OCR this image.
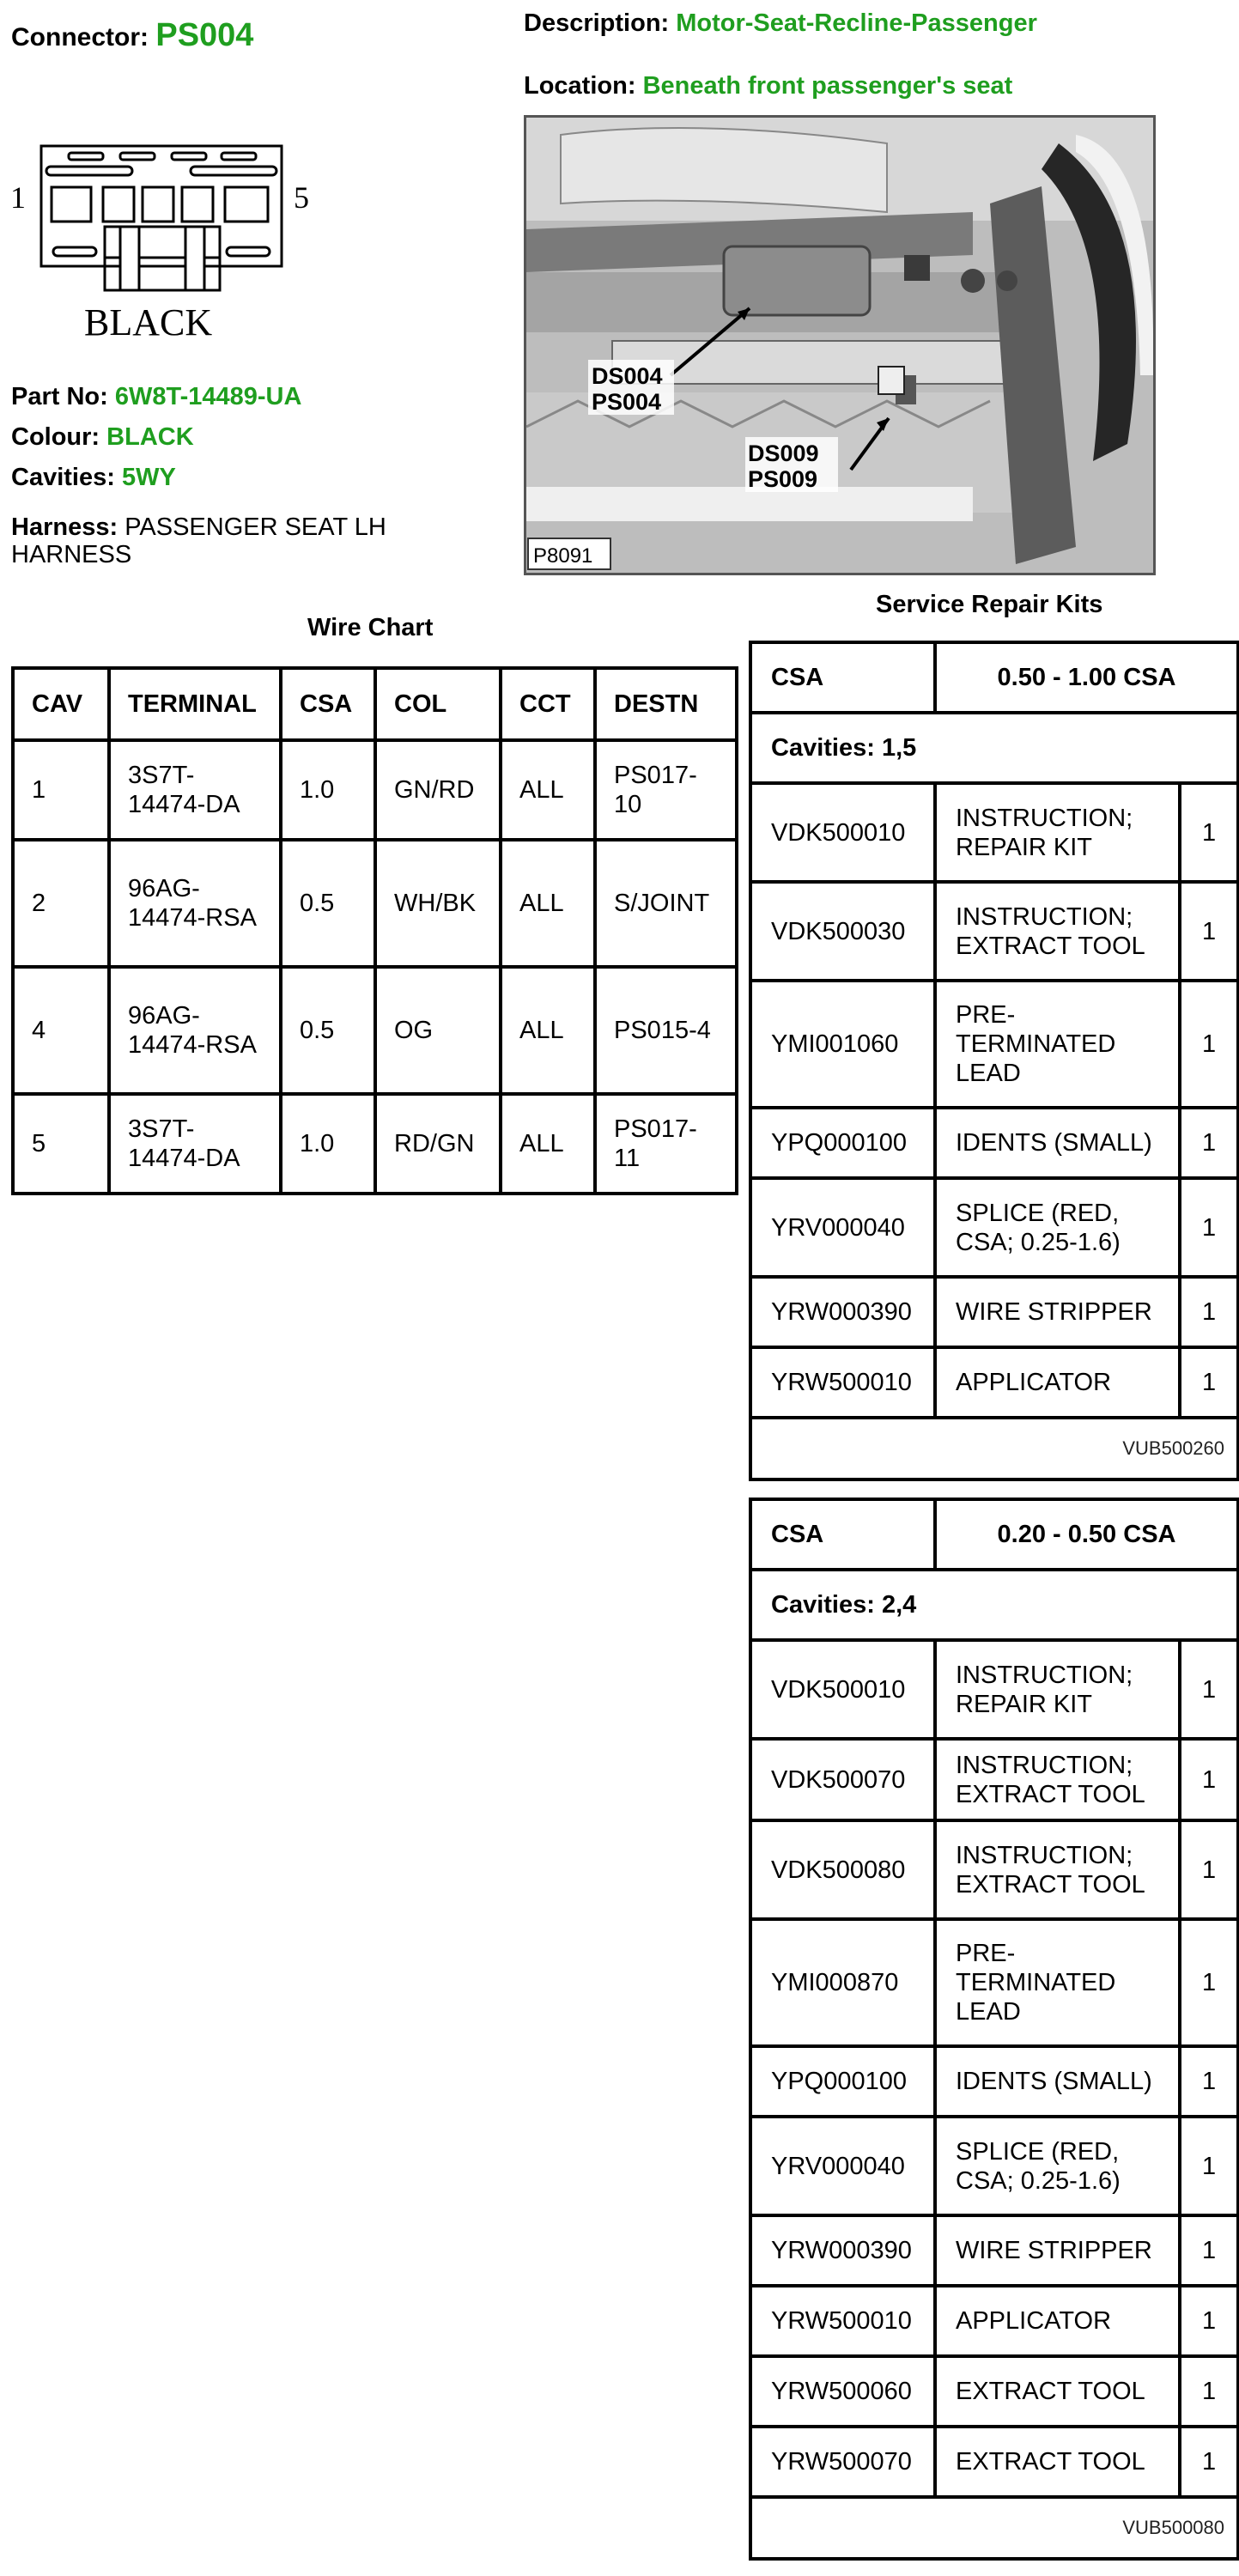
Connector: PS004	Description: Motor-Seat-Recline-Passenger
Location: Beneath front passenger's seat
1	5
BLACK
Part No: 6W8T-14489-UA
Colour: BLACK
Cavities: 5WY
Harness: PASSENGER SEAT LH HARNESS
DS004
PS004
DS009
PS009
P8091
Wire Chart
CAV	TERMINAL	CSA	COL	CCT	DESTN
1	3S7T-14474-DA	1.0	GN/RD	ALL	PS017-10
2	96AG-14474-RSA	0.5	WH/BK	ALL	S/JOINT
4	96AG-14474-RSA	0.5	OG	ALL	PS015-4
5	3S7T-14474-DA	1.0	RD/GN	ALL	PS017-11
Service Repair Kits
CSA	0.50 - 1.00 CSA	
Cavities: 1,5		
VDK500010	INSTRUCTION; REPAIR KIT	1
VDK500030	INSTRUCTION; EXTRACT TOOL	1
YMI001060	PRE-TERMINATED LEAD	1
YPQ000100	IDENTS (SMALL)	1
YRV000040	SPLICE (RED, CSA; 0.25-1.6)	1
YRW000390	WIRE STRIPPER	1
YRW500010	APPLICATOR	1
VUB500260		
CSA	0.20 - 0.50 CSA	
Cavities: 2,4		
VDK500010	INSTRUCTION; REPAIR KIT	1
VDK500070	INSTRUCTION; EXTRACT TOOL	1
VDK500080	INSTRUCTION; EXTRACT TOOL	1
YMI000870	PRE-TERMINATED LEAD	1
YPQ000100	IDENTS (SMALL)	1
YRV000040	SPLICE (RED, CSA; 0.25-1.6)	1
YRW000390	WIRE STRIPPER	1
YRW500010	APPLICATOR	1
YRW500060	EXTRACT TOOL	1
YRW500070	EXTRACT TOOL	1
VUB500080		
